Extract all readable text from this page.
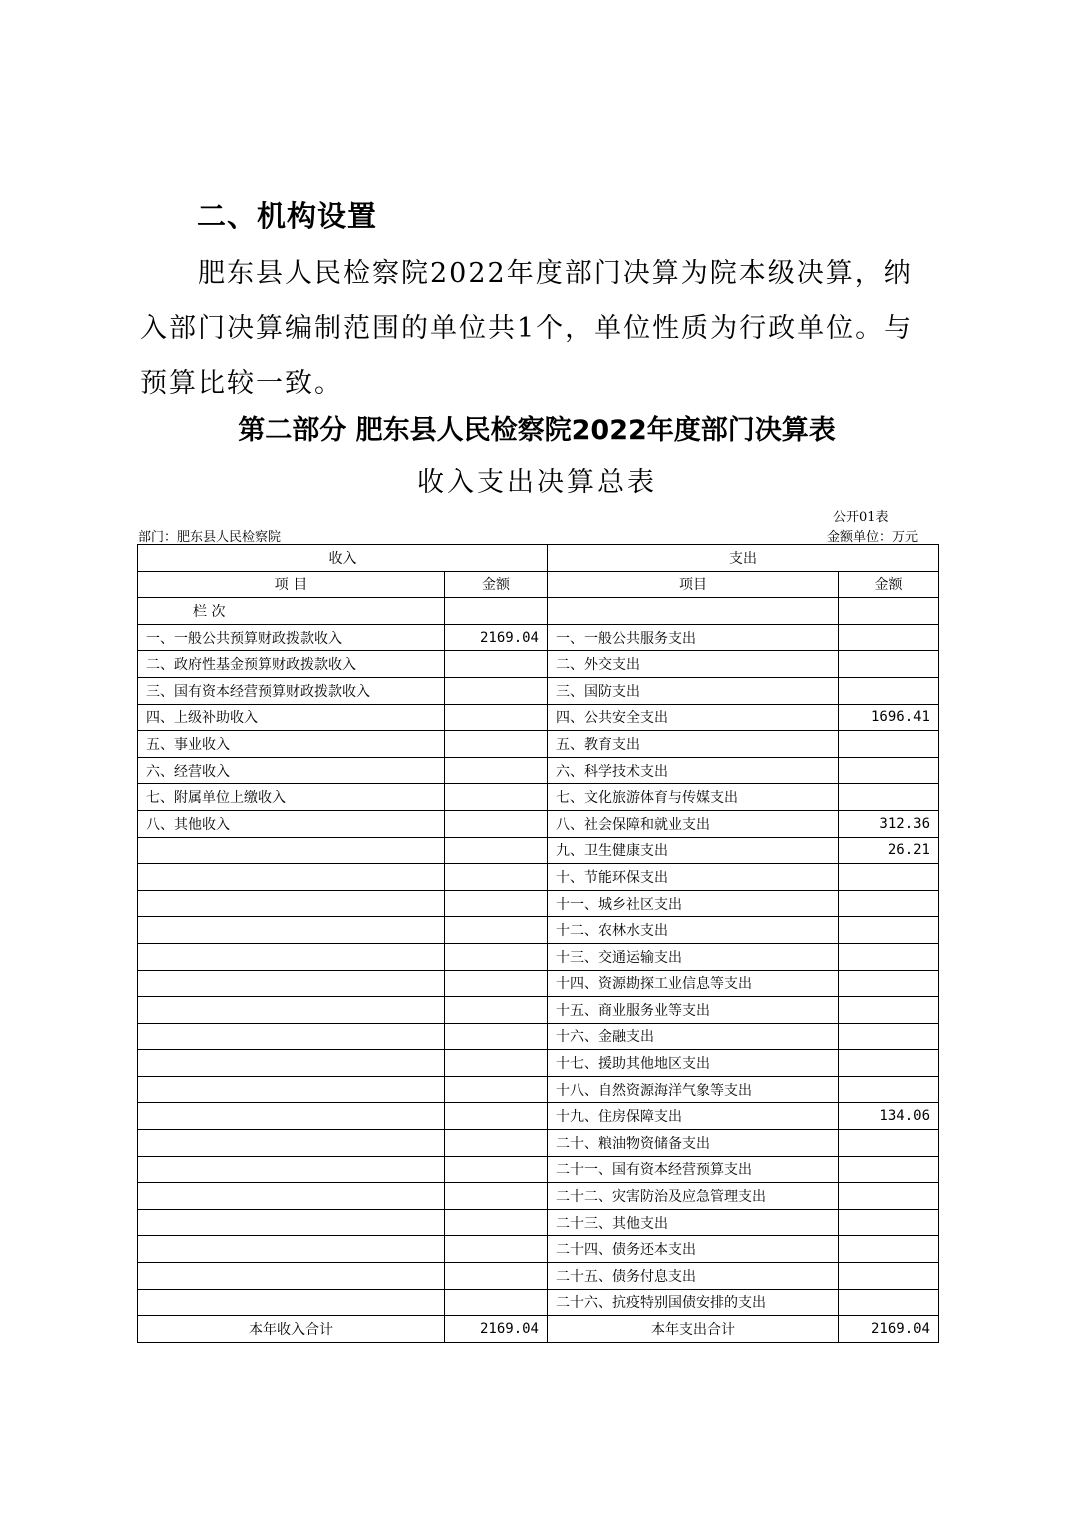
二、机构设置

肥东县人民检察院2022年度部门决算为院本级决算，纳入部门决算编制范围的单位共1个，单位性质为行政单位。与预算比较一致。

第二部分 肥东县人民检察院2022年度部门决算表
收入支出决算总表
公开01表
部门：肥东县人民检察院	金额单位：万元
收入		支出	
项 目	金额	项目	金额
栏 次			
一、一般公共预算财政拨款收入	2169.04	一、一般公共服务支出	
二、政府性基金预算财政拨款收入		二、外交支出	
三、国有资本经营预算财政拨款收入		三、国防支出	
四、上级补助收入		四、公共安全支出	1696.41
五、事业收入		五、教育支出	
六、经营收入		六、科学技术支出	
七、附属单位上缴收入		七、文化旅游体育与传媒支出	
八、其他收入		八、社会保障和就业支出	312.36
		九、卫生健康支出	26.21
		十、节能环保支出	
		十一、城乡社区支出	
		十二、农林水支出	
		十三、交通运输支出	
		十四、资源勘探工业信息等支出	
		十五、商业服务业等支出	
		十六、金融支出	
		十七、援助其他地区支出	
		十八、自然资源海洋气象等支出	
		十九、住房保障支出	134.06
		二十、粮油物资储备支出	
		二十一、国有资本经营预算支出	
		二十二、灾害防治及应急管理支出	
		二十三、其他支出	
		二十四、债务还本支出	
		二十五、债务付息支出	
		二十六、抗疫特别国债安排的支出	
本年收入合计	2169.04	本年支出合计	2169.04
